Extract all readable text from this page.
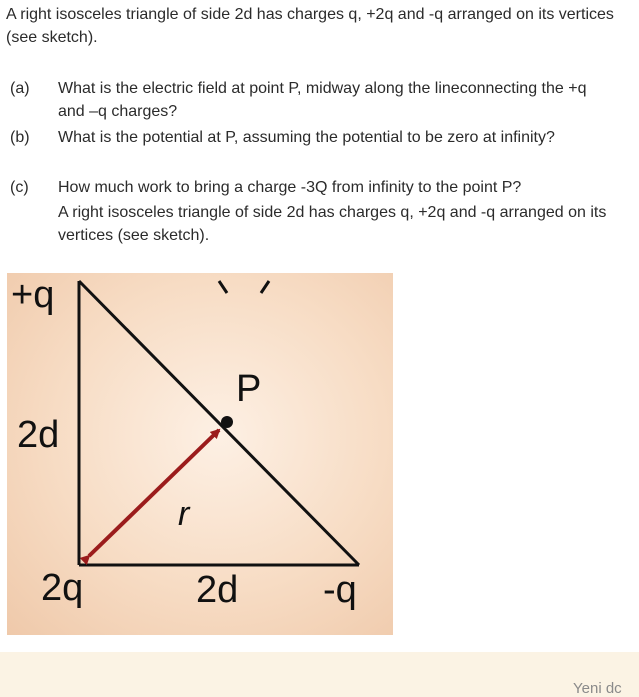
A right isosceles triangle of side 2d has charges q, +2q and -q arranged on its vertices (see sketch).
(a) What is the electric field at point P, midway along the lineconnecting the +q and –q charges?
(b) What is the potential at P, assuming the potential to be zero at infinity?
(c) How much work to bring a charge -3Q from infinity to the point P?
A right isosceles triangle of side 2d has charges q, +2q and -q arranged on its vertices (see sketch).
+q
2d
P
r
2q	2d -q
Yeni dc
